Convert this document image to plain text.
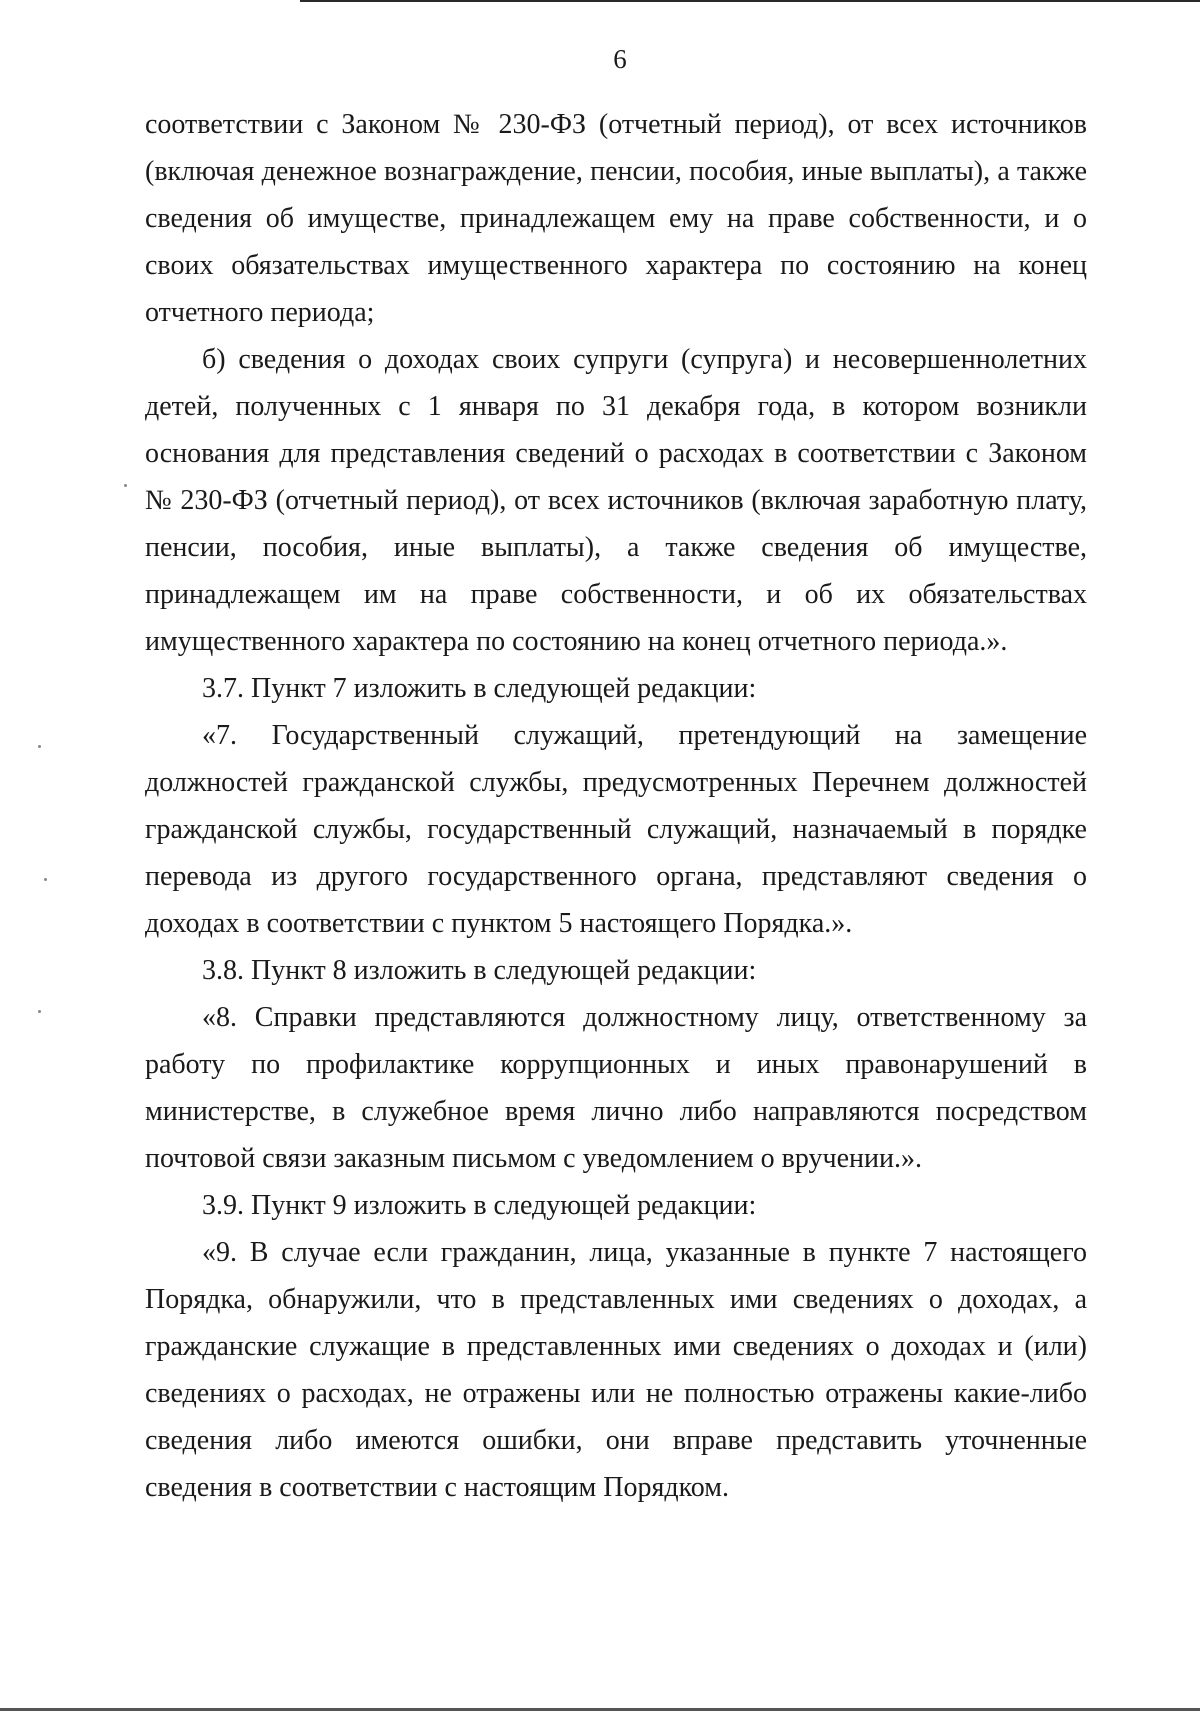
6

соответствии с Законом № 230-ФЗ (отчетный период), от всех источников (включая денежное вознаграждение, пенсии, пособия, иные выплаты), а также сведения об имуществе, принадлежащем ему на праве собственности, и о своих обязательствах имущественного характера по состоянию на конец отчетного периода;

б) сведения о доходах своих супруги (супруга) и несовершеннолетних детей, полученных с 1 января по 31 декабря года, в котором возникли основания для представления сведений о расходах в соответствии с Законом № 230-ФЗ (отчетный период), от всех источников (включая заработную плату, пенсии, пособия, иные выплаты), а также сведения об имуществе, принадлежащем им на праве собственности, и об их обязательствах имущественного характера по состоянию на конец отчетного периода.».

3.7. Пункт 7 изложить в следующей редакции:

«7. Государственный служащий, претендующий на замещение должностей гражданской службы, предусмотренных Перечнем должностей гражданской службы, государственный служащий, назначаемый в порядке перевода из другого государственного органа, представляют сведения о доходах в соответствии с пунктом 5 настоящего Порядка.».

3.8. Пункт 8 изложить в следующей редакции:

«8. Справки представляются должностному лицу, ответственному за работу по профилактике коррупционных и иных правонарушений в министерстве, в служебное время лично либо направляются посредством почтовой связи заказным письмом с уведомлением о вручении.».

3.9. Пункт 9 изложить в следующей редакции:

«9. В случае если гражданин, лица, указанные в пункте 7 настоящего Порядка, обнаружили, что в представленных ими сведениях о доходах, а гражданские служащие в представленных ими сведениях о доходах и (или) сведениях о расходах, не отражены или не полностью отражены какие-либо сведения либо имеются ошибки, они вправе представить уточненные сведения в соответствии с настоящим Порядком.
